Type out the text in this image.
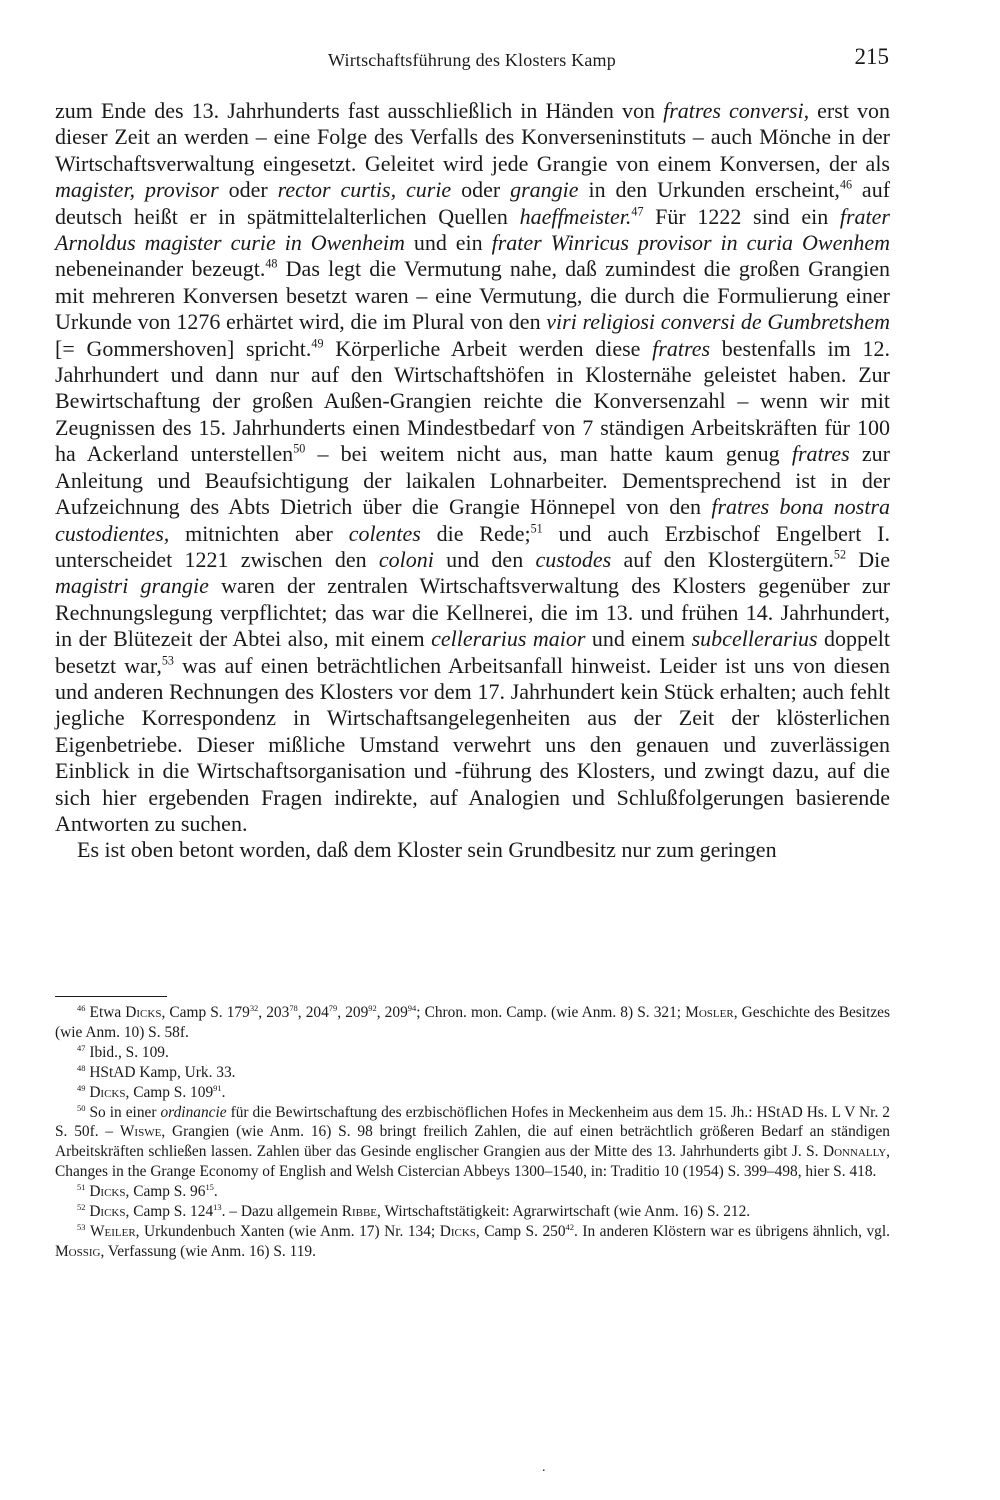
Wirtschaftsführung des Klosters Kamp	215

zum Ende des 13. Jahrhunderts fast ausschließlich in Händen von fratres conversi, erst von dieser Zeit an werden – eine Folge des Verfalls des Konverseninstituts – auch Mönche in der Wirtschaftsverwaltung eingesetzt. Geleitet wird jede Grangie von einem Konversen, der als magister, provisor oder rector curtis, curie oder grangie in den Urkunden erscheint,$^{46}$ auf deutsch heißt er in spätmittelalterlichen Quellen haeffmeister.$^{47}$ Für 1222 sind ein frater Arnoldus magister curie in Owenheim und ein frater Winricus provisor in curia Owenhem nebeneinander bezeugt.$^{48}$ Das legt die Vermutung nahe, daß zumindest die großen Grangien mit mehreren Konversen besetzt waren – eine Vermutung, die durch die Formulierung einer Urkunde von 1276 erhärtet wird, die im Plural von den viri religiosi conversi de Gumbretshem [= Gommershoven] spricht.$^{49}$ Körperliche Arbeit werden diese fratres bestenfalls im 12. Jahrhundert und dann nur auf den Wirtschaftshöfen in Klosternähe geleistet haben. Zur Bewirtschaftung der großen Außen-Grangien reichte die Konversenzahl – wenn wir mit Zeugnissen des 15. Jahrhunderts einen Mindestbedarf von 7 ständigen Arbeitskräften für 100 ha Ackerland unterstellen$^{50}$ – bei weitem nicht aus, man hatte kaum genug fratres zur Anleitung und Beaufsichtigung der laikalen Lohnarbeiter. Dementsprechend ist in der Aufzeichnung des Abts Dietrich über die Grangie Hönnepel von den fratres bona nostra custodientes, mitnichten aber colentes die Rede;$^{51}$ und auch Erzbischof Engelbert I. unterscheidet 1221 zwischen den coloni und den custodes auf den Klostergütern.$^{52}$ Die magistri grangie waren der zentralen Wirtschaftsverwaltung des Klosters gegenüber zur Rechnungslegung verpflichtet; das war die Kellnerei, die im 13. und frühen 14. Jahrhundert, in der Blütezeit der Abtei also, mit einem cellerarius maior und einem subcellerarius doppelt besetzt war,$^{53}$ was auf einen beträchtlichen Arbeitsanfall hinweist. Leider ist uns von diesen und anderen Rechnungen des Klosters vor dem 17. Jahrhundert kein Stück erhalten; auch fehlt jegliche Korrespondenz in Wirtschaftsangelegenheiten aus der Zeit der klösterlichen Eigenbetriebe. Dieser mißliche Umstand verwehrt uns den genauen und zuverlässigen Einblick in die Wirtschaftsorganisation und -führung des Klosters, und zwingt dazu, auf die sich hier ergebenden Fragen indirekte, auf Analogien und Schlußfolgerungen basierende Antworten zu suchen.

Es ist oben betont worden, daß dem Kloster sein Grundbesitz nur zum geringen

$^{46}$ Etwa Dicks, Camp S. $179^{32}$, $203^{78}$, $204^{79}$, $209^{92}$, $209^{94}$; Chron. mon. Camp. (wie Anm. 8) S. 321; Mosler, Geschichte des Besitzes (wie Anm. 10) S. 58f.
$^{47}$ Ibid., S. 109.
$^{48}$ HStAD Kamp, Urk. 33.
$^{49}$ Dicks, Camp S. $109^{91}$.
$^{50}$ So in einer ordinancie für die Bewirtschaftung des erzbischöflichen Hofes in Meckenheim aus dem 15. Jh.: HStAD Hs. L V Nr. 2 S. 50f. – Wiswe, Grangien (wie Anm. 16) S. 98 bringt freilich Zahlen, die auf einen beträchtlich größeren Bedarf an ständigen Arbeitskräften schließen lassen. Zahlen über das Gesinde englischer Grangien aus der Mitte des 13. Jahrhunderts gibt J. S. Donnally, Changes in the Grange Economy of English and Welsh Cistercian Abbeys 1300–1540, in: Traditio 10 (1954) S. 399–498, hier S. 418.
$^{51}$ Dicks, Camp S. $96^{15}$.
$^{52}$ Dicks, Camp S. $124^{13}$. – Dazu allgemein Ribbe, Wirtschaftstätigkeit: Agrarwirtschaft (wie Anm. 16) S. 212.
$^{53}$ Weiler, Urkundenbuch Xanten (wie Anm. 17) Nr. 134; Dicks, Camp S. $250^{42}$. In anderen Klöstern war es übrigens ähnlich, vgl. Mossig, Verfassung (wie Anm. 16) S. 119.
.
